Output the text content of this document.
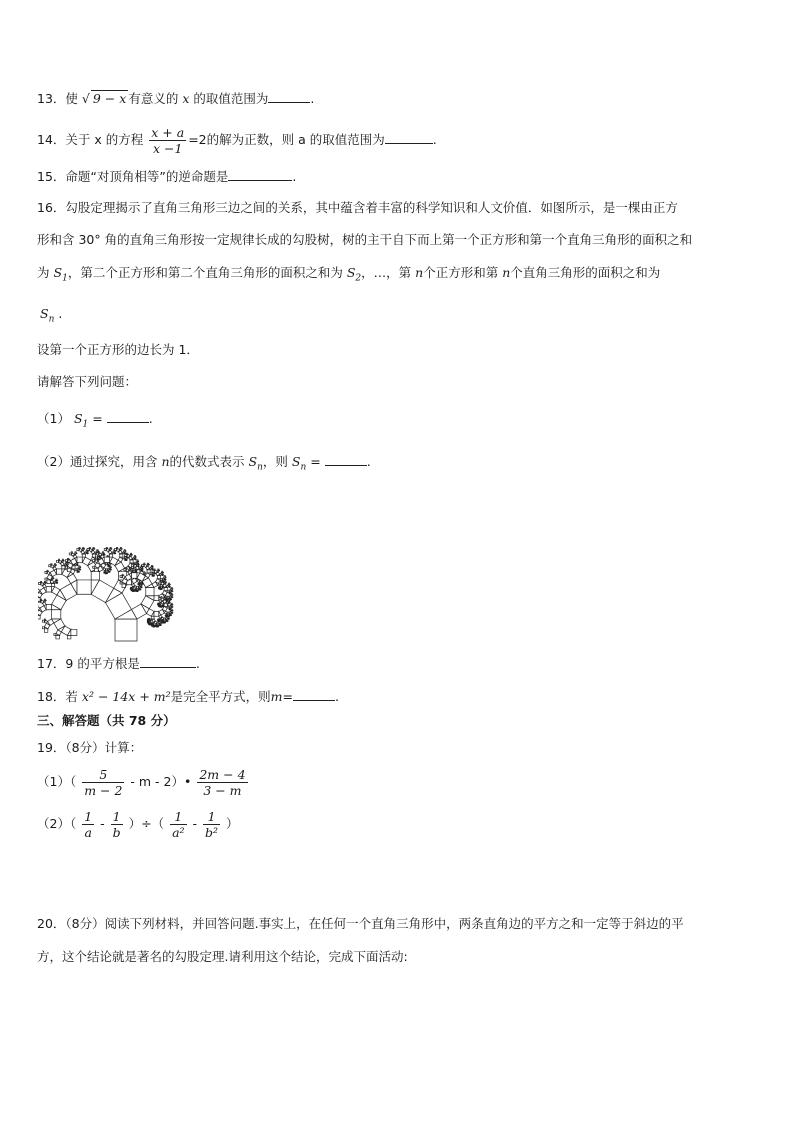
13．使 √ 9 − x 有意义的 x 的取值范围为	.
14．关于 x 的方程 $\frac{x + a}{x -1} =2$的解为正数，则 a 的取值范围为	.
15．命题“对顶角相等”的逆命题是	.
16．勾股定理揭示了直角三角形三边之间的关系，其中蕴含着丰富的科学知识和人文价值．如图所示，是一棵由正方
形和含 30° 角的直角三角形按一定规律长成的勾股树，树的主干自下而上第一个正方形和第一个直角三角形的面积之和
为 $S_1$，第二个正方形和第二个直角三角形的面积之和为 $S_2$，…，第 n个正方形和第 n个直角三角形的面积之和为
$S_n$ .
设第一个正方形的边长为 1．
请解答下列问题：
（1） $S_1$ =	.
（2）通过探究，用含 n的代数式表示 $S_n$，则 $S_n$ =	.
17．9 的平方根是	.
18．若 x² − 14x + m²是完全平方式，则m=	.
三、解答题（共 78 分）
19．（8分）计算：
$(1)( \frac{5}{m - 2}$ - m - 2）• $\frac{2m - 4}{3 - m}$
$(2)( \frac{1}{a} - \frac{1}{b}$ ）÷（ $\frac{1}{\text{a²}} - \frac{1}{\text{b²}}$ ）
20．（8分）阅读下列材料，并回答问题.事实上，在任何一个直角三角形中，两条直角边的平方之和一定等于斜边的平
方，这个结论就是著名的勾股定理.请利用这个结论，完成下面活动:
